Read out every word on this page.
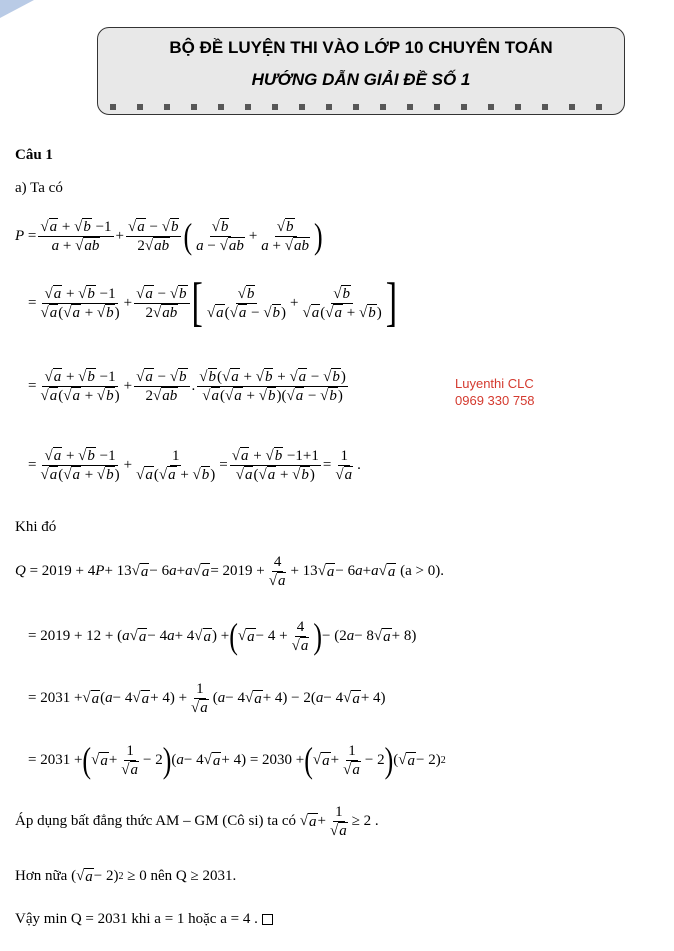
BỘ ĐỀ LUYỆN THI VÀO LỚP 10 CHUYÊN TOÁN
HƯỚNG DẪN GIẢI ĐỀ SỐ 1
Câu 1
a) Ta có
$P = \frac{√ a + √ b -1}{a + √ ab} + \frac{√ a - √ b}{2 √ ab}$ ( $\frac{√ b}{a - √ ab} + \frac{√ b}{a + √ ab}$ )
= $\frac{√ a + √ b -1}{√ a ( √ a + √ b )} + \frac{√ a - √ b}{2 √ ab}$ [ $\frac{√ b}{√ a ( √ a - √ b )} + \frac{√ b}{√ a ( √ a + √ b )}$ ]
= $\frac{√ a + √ b -1}{√ a ( √ a + √ b )} + \frac{√ a - √ b}{2 √ ab}$ . $\frac{√ b ( √ a + √ b + √ a - √ b )}{√ a ( √ a + √ b )( √ a - √ b )}$	Luyenthi CLC
0969 330 758
= $\frac{√ a + √ b -1}{√ a ( √ a + √ b )} + \frac{1}{√ a ( √ a + √ b )} = \frac{√ a + √ b -1+1}{√ a ( √ a + √ b )} = \frac{1}{√ a}$ .
Khi đó
Q = 2019 + 4 P + 13 √ a − 6 a + a √ $a = 2019 + \frac{4}{√ a} + 13$ √ a − 6 a + a √ a
(a > 0).
= 2019 + 12 + ( a √ a − 4 a + 4 √ a ) + ( √ $a - 4 + \frac{4}{√ a}$ ) − (2 a − 8 √ a + 8)
= 2031 + √ a ( a − 4 √ $a + 4) + \frac{1}{√ a}$ ( a − 4 √ a + 4) − 2( a − 4 √ a + 4)
= 2031 + ( √ $a + \frac{1}{√ a} - 2$ ) ( a − 4 √ a + 4) = 2030 + ( √ $a + \frac{1}{√ a} - 2$ ) ( √ a − 2) 2
Áp dụng bất đẳng thức AM – GM (Cô si) ta có
√ $a + \frac{1}{√ a} \ge 2$ .
Hơn nữa ( √ a − 2) 2
≥ 0 nên Q ≥ 2031.
Vậy min Q = 2031 khi a = 1 hoặc a = 4 .
